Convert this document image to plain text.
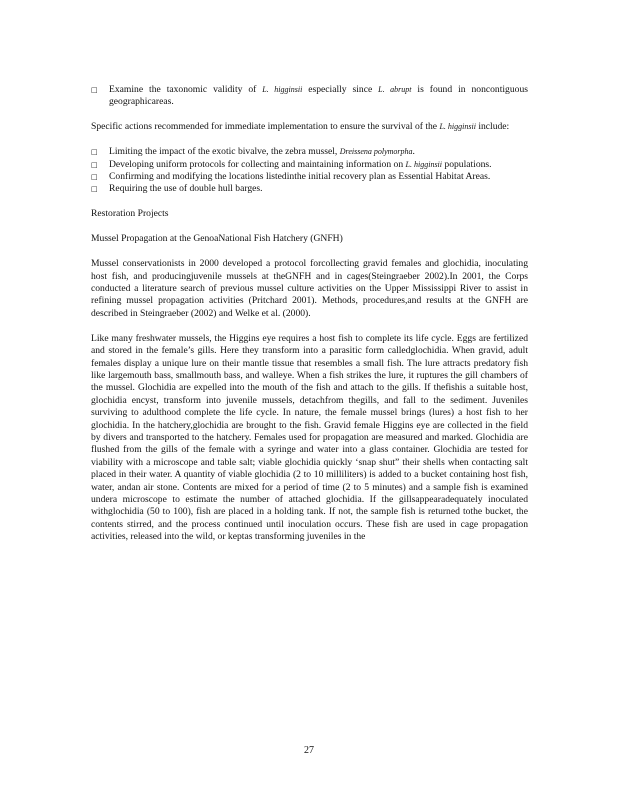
□ Examine the taxonomic validity of L. higginsii especially since L. abrupt is found in noncontiguous geographicareas.

Specific actions recommended for immediate implementation to ensure the survival of the L. higginsii include:

□ Limiting the impact of the exotic bivalve, the zebra mussel, Dreissena polymorpha.
□ Developing uniform protocols for collecting and maintaining information on L. higginsii populations.
□ Confirming and modifying the locations listedinthe initial recovery plan as Essential Habitat Areas.
□ Requiring the use of double hull barges.

Restoration Projects

Mussel Propagation at the GenoaNational Fish Hatchery (GNFH)

Mussel conservationists in 2000 developed a protocol forcollecting gravid females and glochidia, inoculating host fish, and producingjuvenile mussels at theGNFH and in cages(Steingraeber 2002).In 2001, the Corps conducted a literature search of previous mussel culture activities on the Upper Mississippi River to assist in refining mussel propagation activities (Pritchard 2001). Methods, procedures,and results at the GNFH are described in Steingraeber (2002) and Welke et al. (2000).

Like many freshwater mussels, the Higgins eye requires a host fish to complete its life cycle. Eggs are fertilized and stored in the female’s gills. Here they transform into a parasitic form calledglochidia. When gravid, adult females display a unique lure on their mantle tissue that resembles a small fish. The lure attracts predatory fish like largemouth bass, smallmouth bass, and walleye. When a fish strikes the lure, it ruptures the gill chambers of the mussel. Glochidia are expelled into the mouth of the fish and attach to the gills. If thefishis a suitable host, glochidia encyst, transform into juvenile mussels, detachfrom thegills, and fall to the sediment. Juveniles surviving to adulthood complete the life cycle. In nature, the female mussel brings (lures) a host fish to her glochidia. In the hatchery,glochidia are brought to the fish. Gravid female Higgins eye are collected in the field by divers and transported to the hatchery. Females used for propagation are measured and marked. Glochidia are flushed from the gills of the female with a syringe and water into a glass container. Glochidia are tested for viability with a microscope and table salt; viable glochidia quickly ‘snap shut” their shells when contacting salt placed in their water. A quantity of viable glochidia (2 to 10 milliliters) is added to a bucket containing host fish, water, andan air stone. Contents are mixed for a period of time (2 to 5 minutes) and a sample fish is examined undera microscope to estimate the number of attached glochidia. If the gillsappearadequately inoculated withglochidia (50 to 100), fish are placed in a holding tank. If not, the sample fish is returned tothe bucket, the contents stirred, and the process continued until inoculation occurs. These fish are used in cage propagation activities, released into the wild, or keptas transforming juveniles in the

27
